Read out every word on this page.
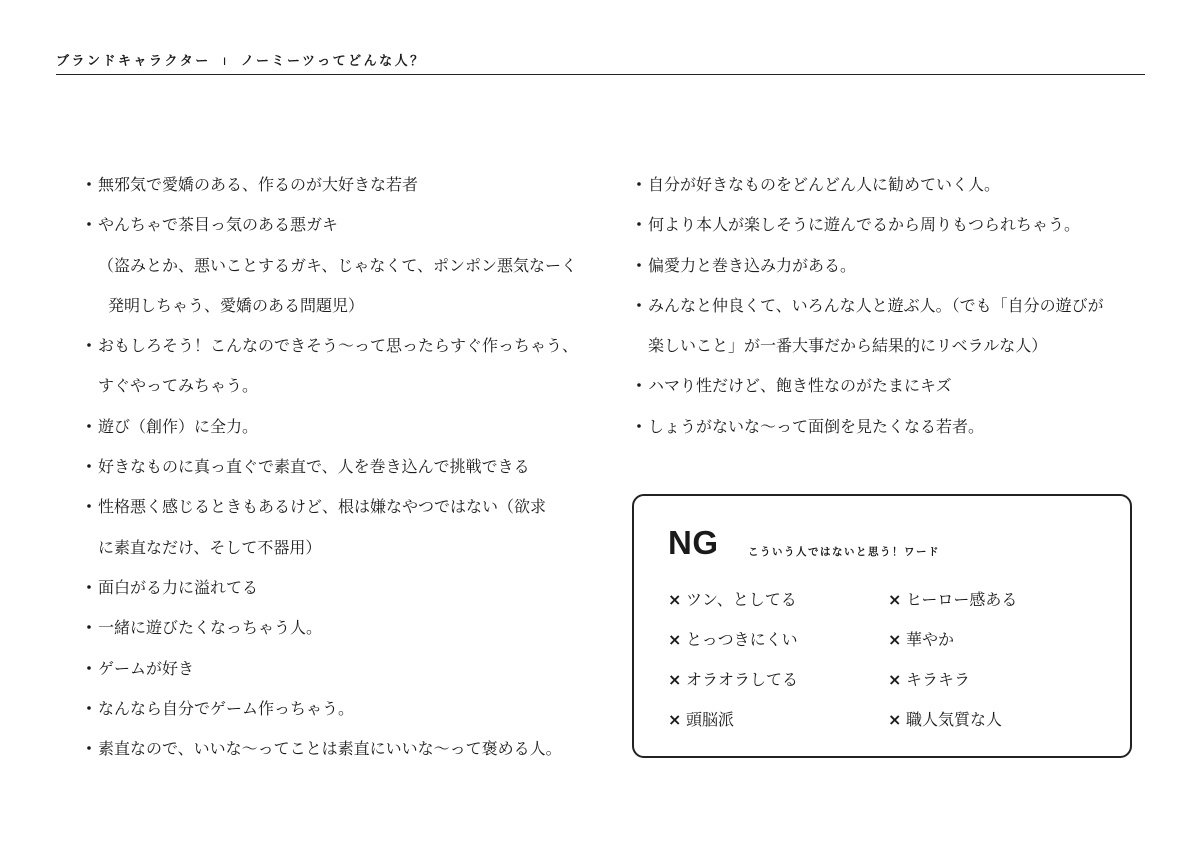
ブランドキャラクター ı ノーミーツってどんな人？
・無邪気で愛嬌のある、作るのが大好きな若者
・やんちゃで茶目っ気のある悪ガキ
（盗みとか、悪いことするガキ、じゃなくて、ポンポン悪気なーく
発明しちゃう、愛嬌のある問題児）
・おもしろそう！こんなのできそう〜って思ったらすぐ作っちゃう、
すぐやってみちゃう。
・遊び（創作）に全力。
・好きなものに真っ直ぐで素直で、人を巻き込んで挑戦できる
・性格悪く感じるときもあるけど、根は嫌なやつではない（欲求
に素直なだけ、そして不器用）
・面白がる力に溢れてる
・一緒に遊びたくなっちゃう人。
・ゲームが好き
・なんなら自分でゲーム作っちゃう。
・素直なので、いいな〜ってことは素直にいいな〜って褒める人。
・自分が好きなものをどんどん人に勧めていく人。
・何より本人が楽しそうに遊んでるから周りもつられちゃう。
・偏愛力と巻き込み力がある。
・みんなと仲良くて、いろんな人と遊ぶ人。（でも「自分の遊びが
楽しいこと」が一番大事だから結果的にリベラルな人）
・ハマり性だけど、飽き性なのがたまにキズ
・しょうがないな〜って面倒を見たくなる若者。
NG	こういう人ではないと思う！ワード
× ツン、としてる
× とっつきにくい
× オラオラしてる
× 頭脳派
× ヒーロー感ある
× 華やか
× キラキラ
× 職人気質な人
